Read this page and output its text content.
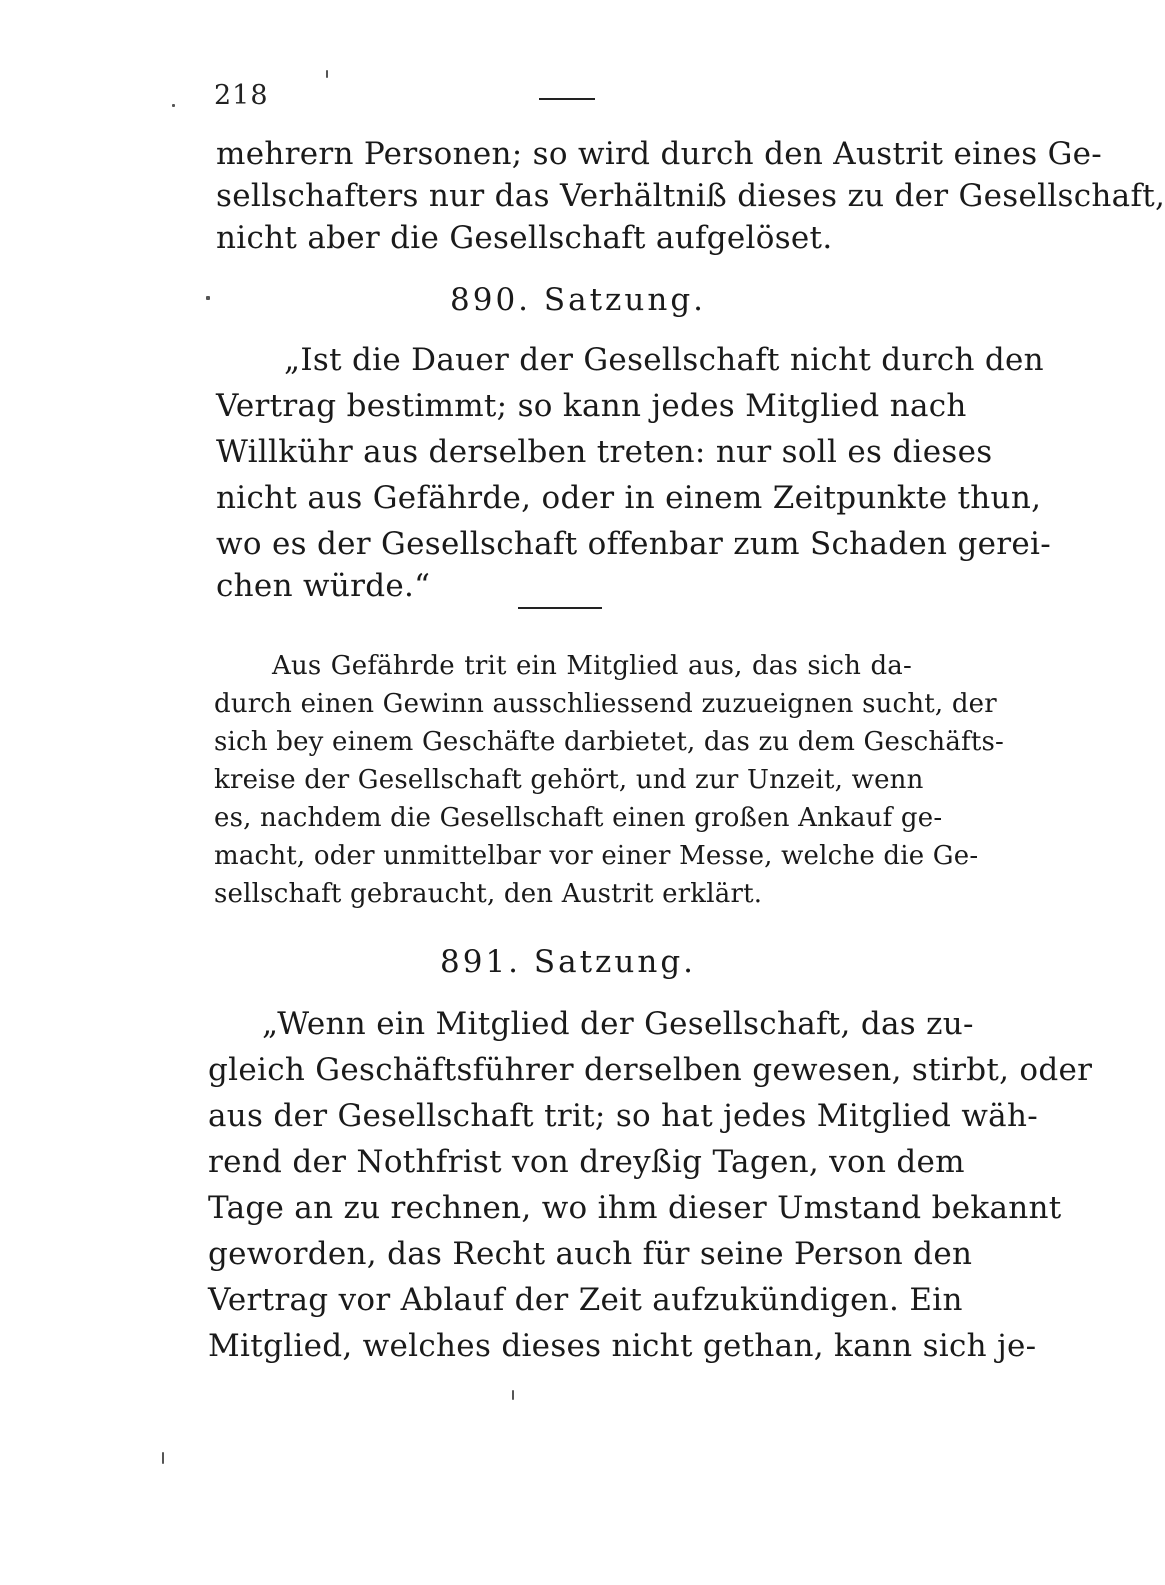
218
mehrern Personen; so wird durch den Austrit eines Ge-
sellschafters nur das Verhältniß dieses zu der Gesellschaft,
nicht aber die Gesellschaft aufgelöset.
890. Satzung.
„Ist die Dauer der Gesellschaft nicht durch den
Vertrag bestimmt; so kann jedes Mitglied nach
Willkühr aus derselben treten: nur soll es dieses
nicht aus Gefährde, oder in einem Zeitpunkte thun,
wo es der Gesellschaft offenbar zum Schaden gerei-
chen würde.“
Aus Gefährde trit ein Mitglied aus, das sich da-
durch einen Gewinn ausschliessend zuzueignen sucht, der
sich bey einem Geschäfte darbietet, das zu dem Geschäfts-
kreise der Gesellschaft gehört, und zur Unzeit, wenn
es, nachdem die Gesellschaft einen großen Ankauf ge-
macht, oder unmittelbar vor einer Messe, welche die Ge-
sellschaft gebraucht, den Austrit erklärt.
891. Satzung.
„Wenn ein Mitglied der Gesellschaft, das zu-
gleich Geschäftsführer derselben gewesen, stirbt, oder
aus der Gesellschaft trit; so hat jedes Mitglied wäh-
rend der Nothfrist von dreyßig Tagen, von dem
Tage an zu rechnen, wo ihm dieser Umstand bekannt
geworden, das Recht auch für seine Person den
Vertrag vor Ablauf der Zeit aufzukündigen. Ein
Mitglied, welches dieses nicht gethan, kann sich je-
